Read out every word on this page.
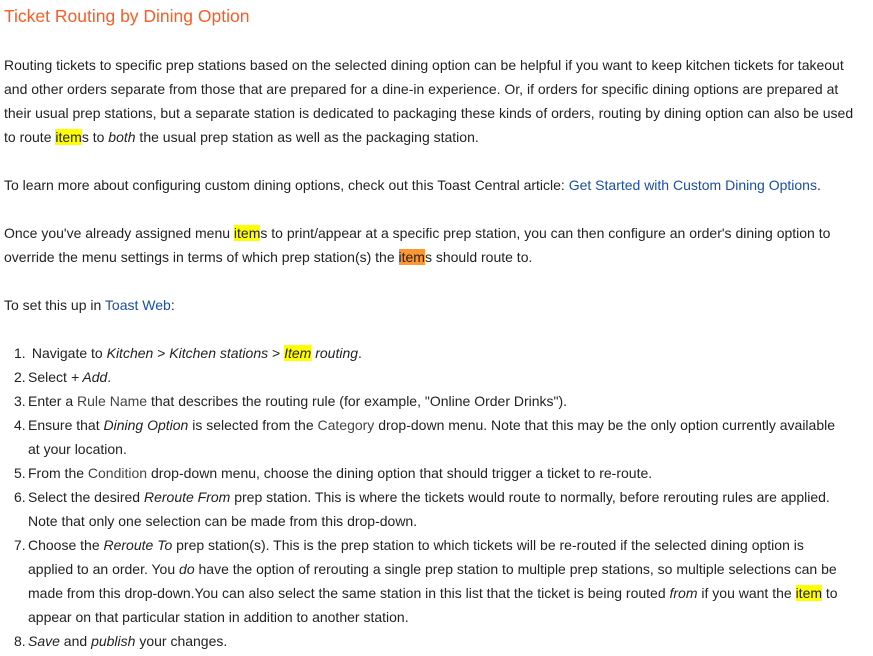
Ticket Routing by Dining Option

Routing tickets to specific prep stations based on the selected dining option can be helpful if you want to keep kitchen tickets for takeout and other orders separate from those that are prepared for a dine-in experience. Or, if orders for specific dining options are prepared at their usual prep stations, but a separate station is dedicated to packaging these kinds of orders, routing by dining option can also be used to route items to both the usual prep station as well as the packaging station.

To learn more about configuring custom dining options, check out this Toast Central article: Get Started with Custom Dining Options.

Once you've already assigned menu items to print/appear at a specific prep station, you can then configure an order's dining option to override the menu settings in terms of which prep station(s) the items should route to.

To set this up in Toast Web:

1. Navigate to Kitchen > Kitchen stations > Item routing.
2. Select + Add.
3. Enter a Rule Name that describes the routing rule (for example, "Online Order Drinks").
4. Ensure that Dining Option is selected from the Category drop-down menu. Note that this may be the only option currently available at your location.
5. From the Condition drop-down menu, choose the dining option that should trigger a ticket to re-route.
6. Select the desired Reroute From prep station. This is where the tickets would route to normally, before rerouting rules are applied. Note that only one selection can be made from this drop-down.
7. Choose the Reroute To prep station(s). This is the prep station to which tickets will be re-routed if the selected dining option is applied to an order. You do have the option of rerouting a single prep station to multiple prep stations, so multiple selections can be made from this drop-down.You can also select the same station in this list that the ticket is being routed from if you want the item to appear on that particular station in addition to another station.
8. Save and publish your changes.
